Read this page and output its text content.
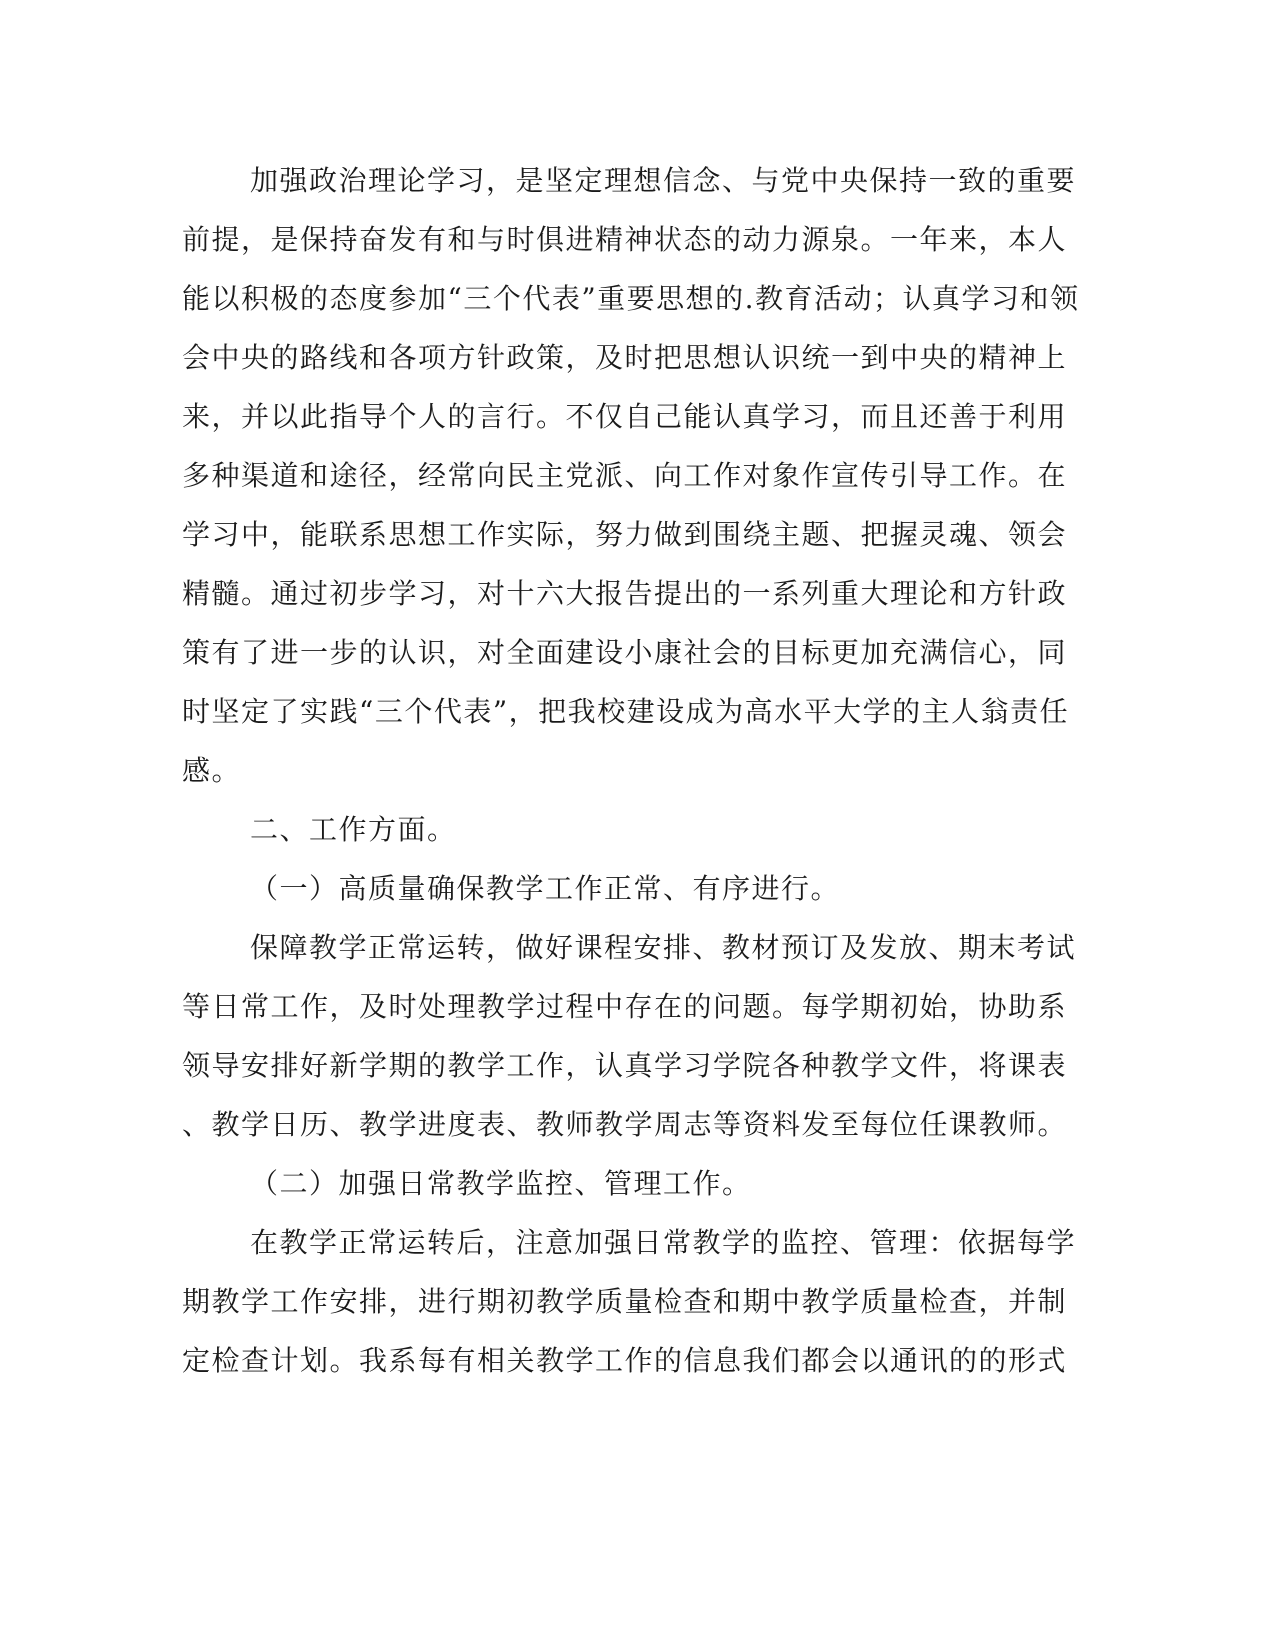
加强政治理论学习，是坚定理想信念、与党中央保持一致的重要

前提，是保持奋发有和与时俱进精神状态的动力源泉。一年来，本人

能以积极的态度参加“三个代表”重要思想的.教育活动；认真学习和领

会中央的路线和各项方针政策，及时把思想认识统一到中央的精神上

来，并以此指导个人的言行。不仅自己能认真学习，而且还善于利用

多种渠道和途径，经常向民主党派、向工作对象作宣传引导工作。在

学习中，能联系思想工作实际，努力做到围绕主题、把握灵魂、领会

精髓。通过初步学习，对十六大报告提出的一系列重大理论和方针政

策有了进一步的认识，对全面建设小康社会的目标更加充满信心，同

时坚定了实践“三个代表”，把我校建设成为高水平大学的主人翁责任

感。

二、工作方面。

（一）高质量确保教学工作正常、有序进行。

保障教学正常运转，做好课程安排、教材预订及发放、期末考试

等日常工作，及时处理教学过程中存在的问题。每学期初始，协助系

领导安排好新学期的教学工作，认真学习学院各种教学文件，将课表

、教学日历、教学进度表、教师教学周志等资料发至每位任课教师。

（二）加强日常教学监控、管理工作。

在教学正常运转后，注意加强日常教学的监控、管理：依据每学

期教学工作安排，进行期初教学质量检查和期中教学质量检查，并制

定检查计划。我系每有相关教学工作的信息我们都会以通讯的的形式
